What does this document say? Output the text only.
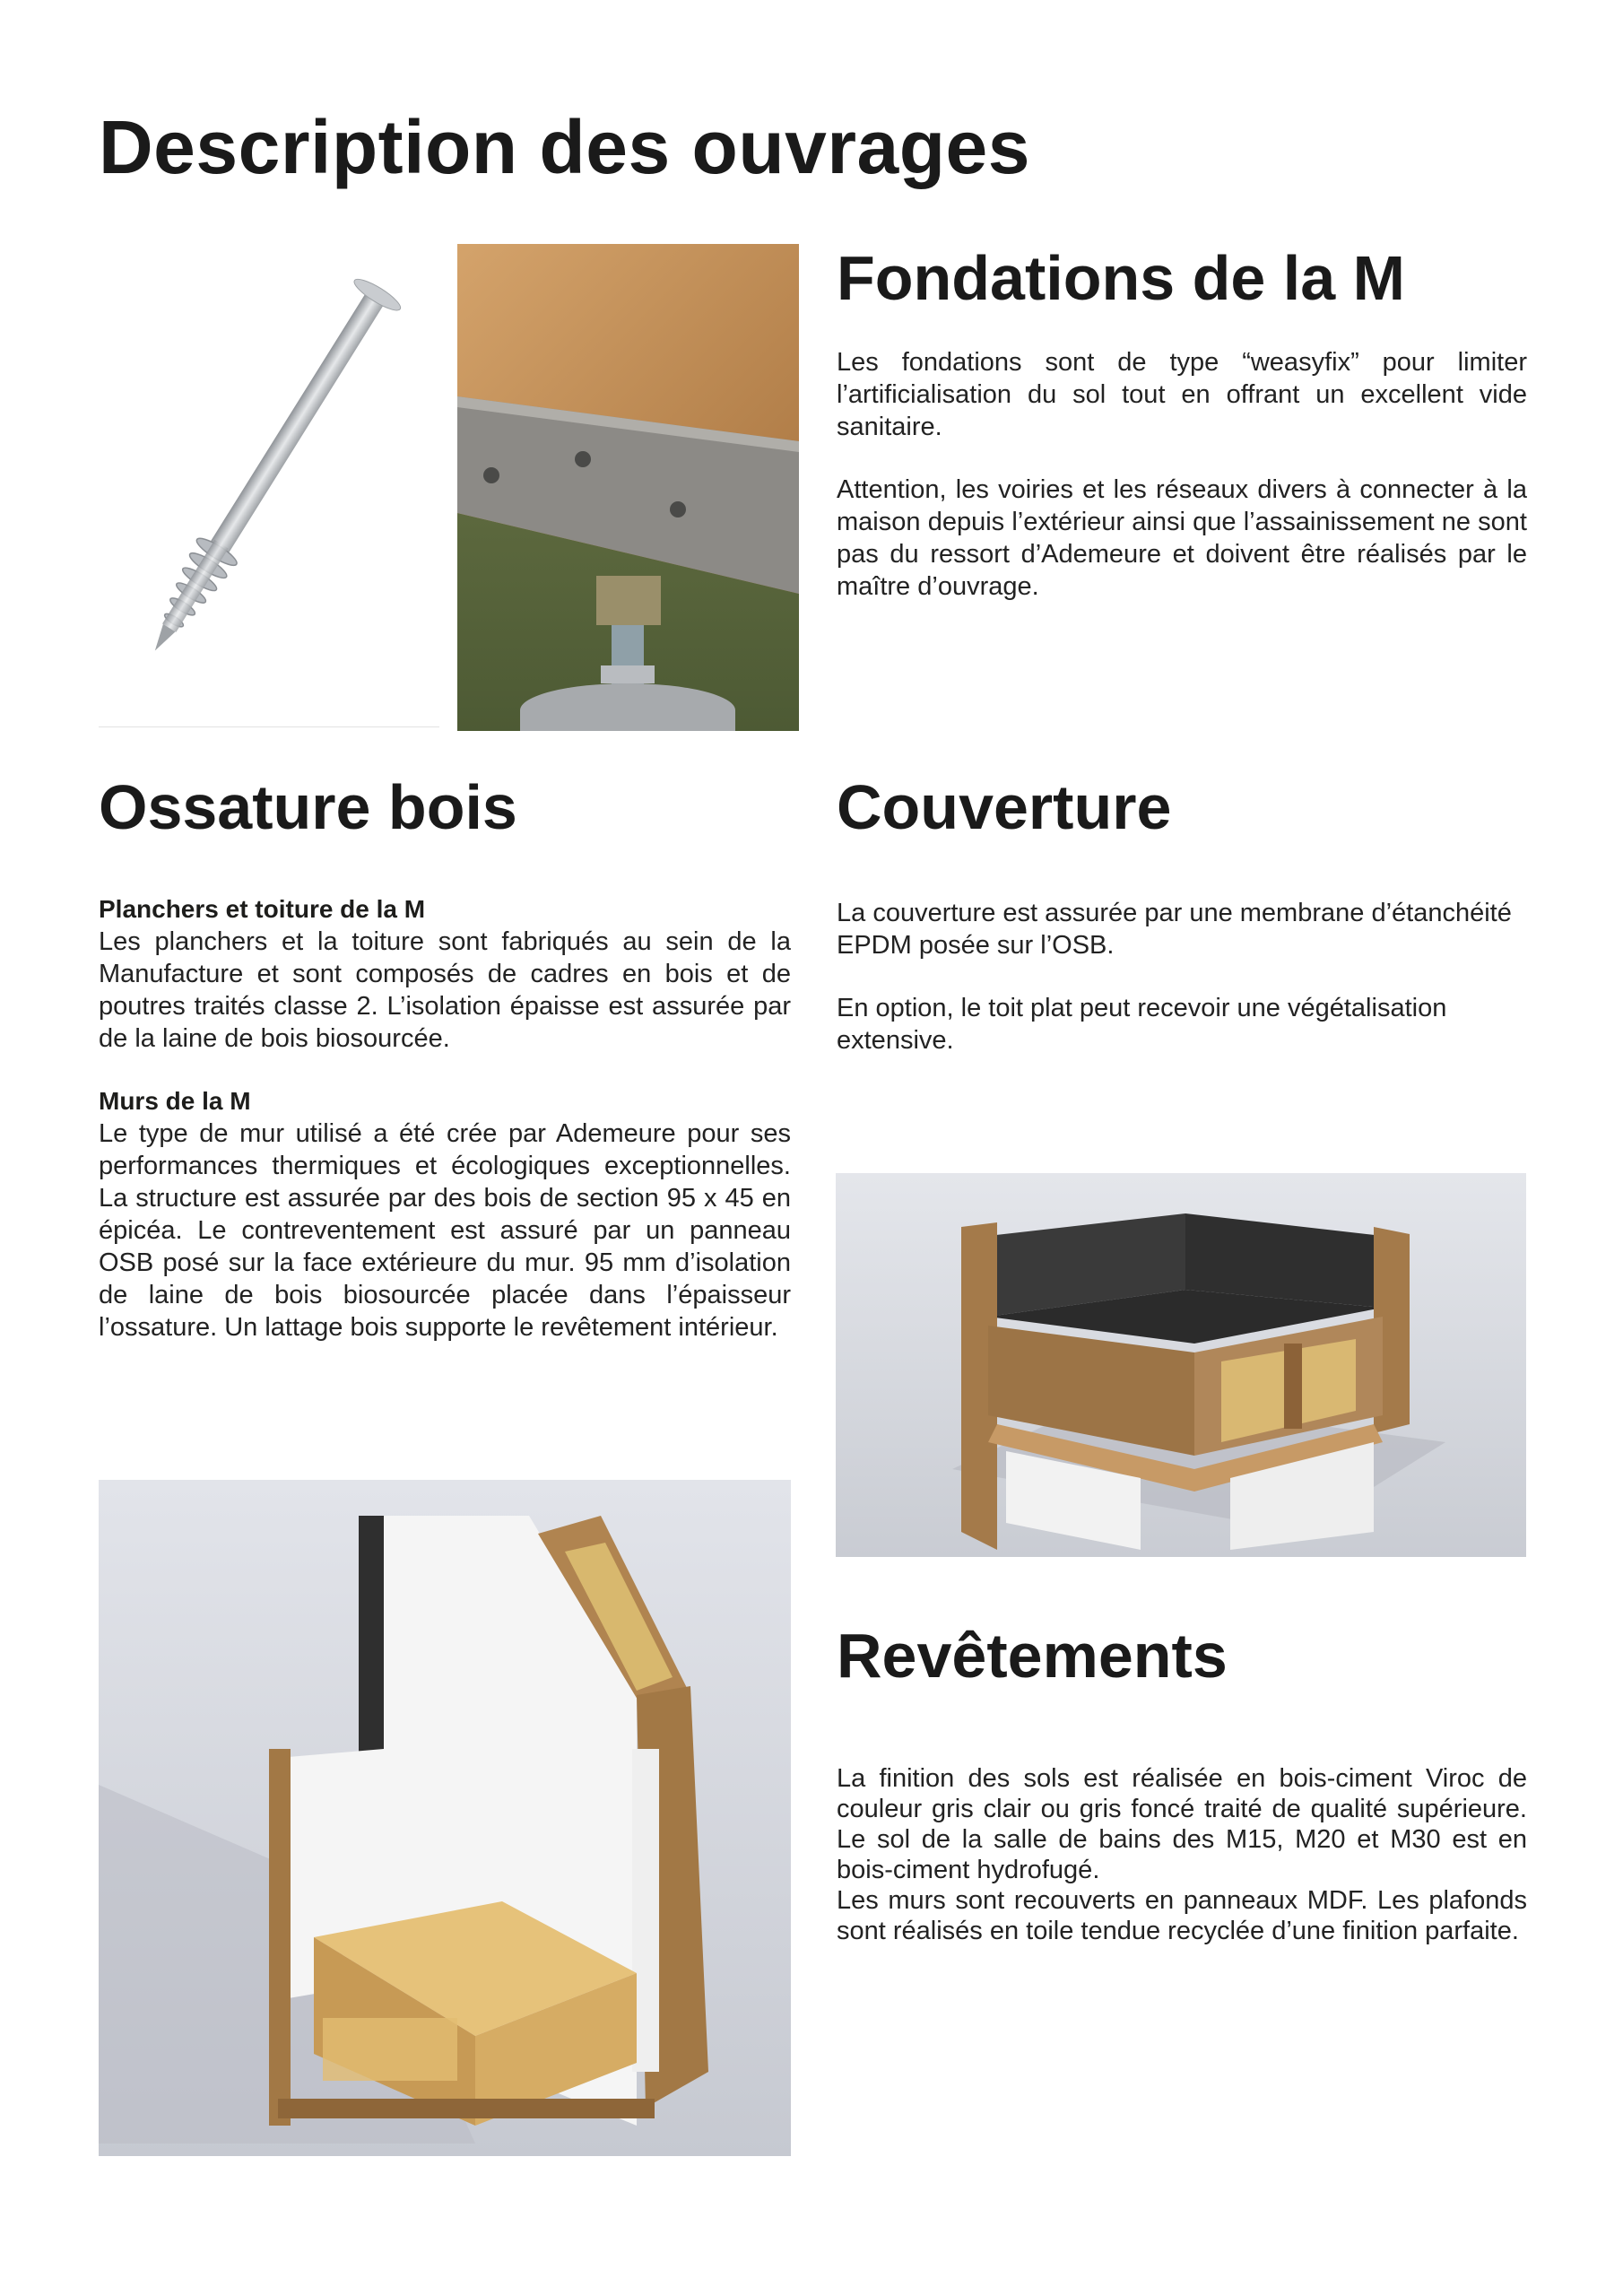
Description des ouvrages
Fondations de la M

Les fondations sont de type “weasyfix” pour limiter l’artificialisation du sol tout en offrant un excellent vide sanitaire.

Attention, les voiries et les réseaux divers à connecter à la maison depuis l’extérieur ainsi que l’assainissement ne sont pas du ressort d’Ademeure et doivent être réalisés par le maître d’ouvrage.

Ossature bois
Planchers et toiture de la M

Les planchers et la toiture sont fabriqués au sein de la Manufacture et sont composés de cadres en bois et de poutres traités classe 2. L’isolation épaisse est assurée par de la laine de bois biosourcée.

Murs de la M

Le type de mur utilisé a été crée par Ademeure pour ses performances thermiques et écologiques exceptionnelles. La structure est assurée par des bois de section 95 x 45 en épicéa. Le contreventement est assuré par un panneau OSB posé sur la face extérieure du mur. 95 mm d’isolation de laine de bois biosourcée placée dans l’épaisseur l’ossature. Un lattage bois supporte le revêtement intérieur.

Couverture

La couverture est assurée par une membrane d’étanchéité EPDM posée sur l’OSB.

En option, le toit plat peut recevoir une végétalisation extensive.

Revêtements

La finition des sols est réalisée en bois-ciment Viroc de couleur gris clair ou gris foncé traité de qualité supérieure. Le sol de la salle de bains des M15, M20 et M30 est en bois-ciment hydrofugé.

Les murs sont recouverts en panneaux MDF. Les plafonds sont réalisés en toile tendue recyclée d’une finition parfaite.
